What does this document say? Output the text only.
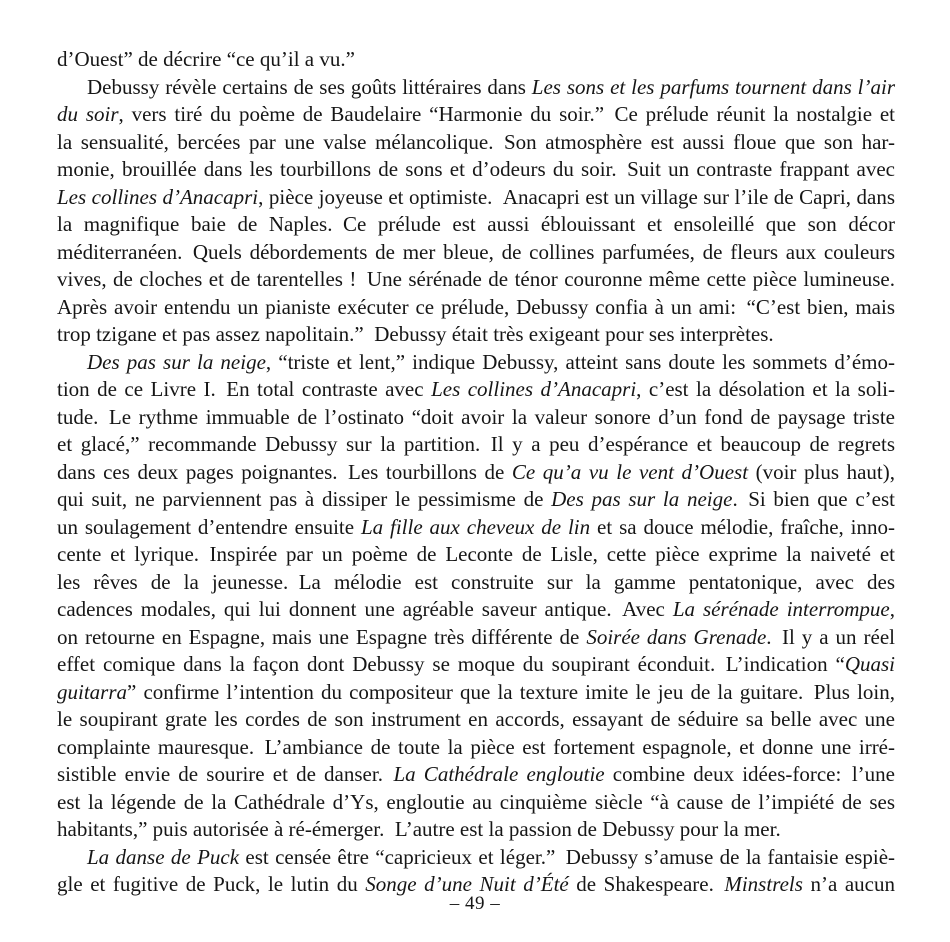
d’Ouest” de décrire “ce qu’il a vu.”
Debussy révèle certains de ses goûts littéraires dans Les sons et les parfums tournent dans l’air
du soir, vers tiré du poème de Baudelaire “Harmonie du soir.” Ce prélude réunit la nostalgie et
la sensualité, bercées par une valse mélancolique. Son atmosphère est aussi floue que son har-
monie, brouillée dans les tourbillons de sons et d’odeurs du soir. Suit un contraste frappant avec
Les collines d’Anacapri, pièce joyeuse et optimiste. Anacapri est un village sur l’ile de Capri, dans
la magnifique baie de Naples. Ce prélude est aussi éblouissant et ensoleillé que son décor
méditerranéen. Quels débordements de mer bleue, de collines parfumées, de fleurs aux couleurs
vives, de cloches et de tarentelles ! Une sérénade de ténor couronne même cette pièce lumineuse.
Après avoir entendu un pianiste exécuter ce prélude, Debussy confia à un ami: “C’est bien, mais
trop tzigane et pas assez napolitain.” Debussy était très exigeant pour ses interprètes.
Des pas sur la neige, “triste et lent,” indique Debussy, atteint sans doute les sommets d’émo-
tion de ce Livre I. En total contraste avec Les collines d’Anacapri, c’est la désolation et la soli-
tude. Le rythme immuable de l’ostinato “doit avoir la valeur sonore d’un fond de paysage triste
et glacé,” recommande Debussy sur la partition. Il y a peu d’espérance et beaucoup de regrets
dans ces deux pages poignantes. Les tourbillons de Ce qu’a vu le vent d’Ouest (voir plus haut),
qui suit, ne parviennent pas à dissiper le pessimisme de Des pas sur la neige. Si bien que c’est
un soulagement d’entendre ensuite La fille aux cheveux de lin et sa douce mélodie, fraîche, inno-
cente et lyrique. Inspirée par un poème de Leconte de Lisle, cette pièce exprime la naiveté et
les rêves de la jeunesse. La mélodie est construite sur la gamme pentatonique, avec des
cadences modales, qui lui donnent une agréable saveur antique. Avec La sérénade interrompue,
on retourne en Espagne, mais une Espagne très différente de Soirée dans Grenade. Il y a un réel
effet comique dans la façon dont Debussy se moque du soupirant éconduit. L’indication “Quasi
guitarra” confirme l’intention du compositeur que la texture imite le jeu de la guitare. Plus loin,
le soupirant grate les cordes de son instrument en accords, essayant de séduire sa belle avec une
complainte mauresque. L’ambiance de toute la pièce est fortement espagnole, et donne une irré-
sistible envie de sourire et de danser. La Cathédrale engloutie combine deux idées-force: l’une
est la légende de la Cathédrale d’Ys, engloutie au cinquième siècle “à cause de l’impiété de ses
habitants,” puis autorisée à ré-émerger. L’autre est la passion de Debussy pour la mer.
La danse de Puck est censée être “capricieux et léger.” Debussy s’amuse de la fantaisie espiè-
gle et fugitive de Puck, le lutin du Songe d’une Nuit d’Été de Shakespeare. Minstrels n’a aucun
– 49 –
